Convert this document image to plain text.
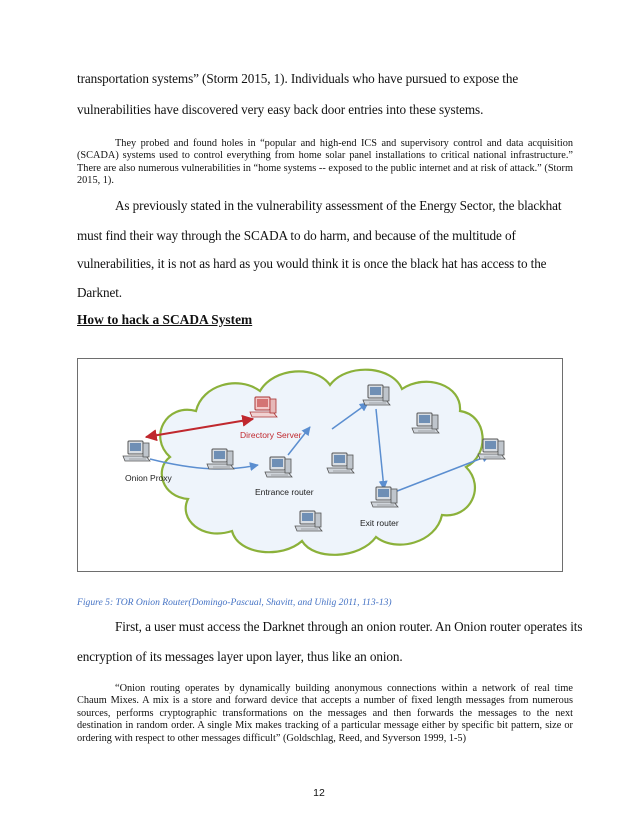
transportation systems” (Storm 2015, 1). Individuals who have pursued to expose the
vulnerabilities have discovered very easy back door entries into these systems.

They probed and found holes in “popular and high-end ICS and supervisory control and data acquisition (SCADA) systems used to control everything from home solar panel installations to critical national infrastructure.” There are also numerous vulnerabilities in “home systems -- exposed to the public internet and at risk of attack.” (Storm 2015, 1).

As previously stated in the vulnerability assessment of the Energy Sector, the blackhat
must find their way through the SCADA to do harm, and because of the multitude of
vulnerabilities, it is not as hard as you would think it is once the black hat has access to the
Darknet.
How to hack a SCADA System
Directory Server
Onion Proxy
Entrance router
Exit router
Figure 5: TOR Onion Router(Domingo-Pascual, Shavitt, and Uhlig 2011, 113-13)
First, a user must access the Darknet through an onion router. An Onion router operates its
encryption of its messages layer upon layer, thus like an onion.

“Onion routing operates by dynamically building anonymous connections within a network of real time Chaum Mixes. A mix is a store and forward device that accepts a number of fixed length messages from numerous sources, performs cryptographic transformations on the messages and then forwards the messages to the next destination in random order. A single Mix makes tracking of a particular message either by specific bit pattern, size or ordering with respect to other messages difficult” (Goldschlag, Reed, and Syverson 1999, 1-5)

12
